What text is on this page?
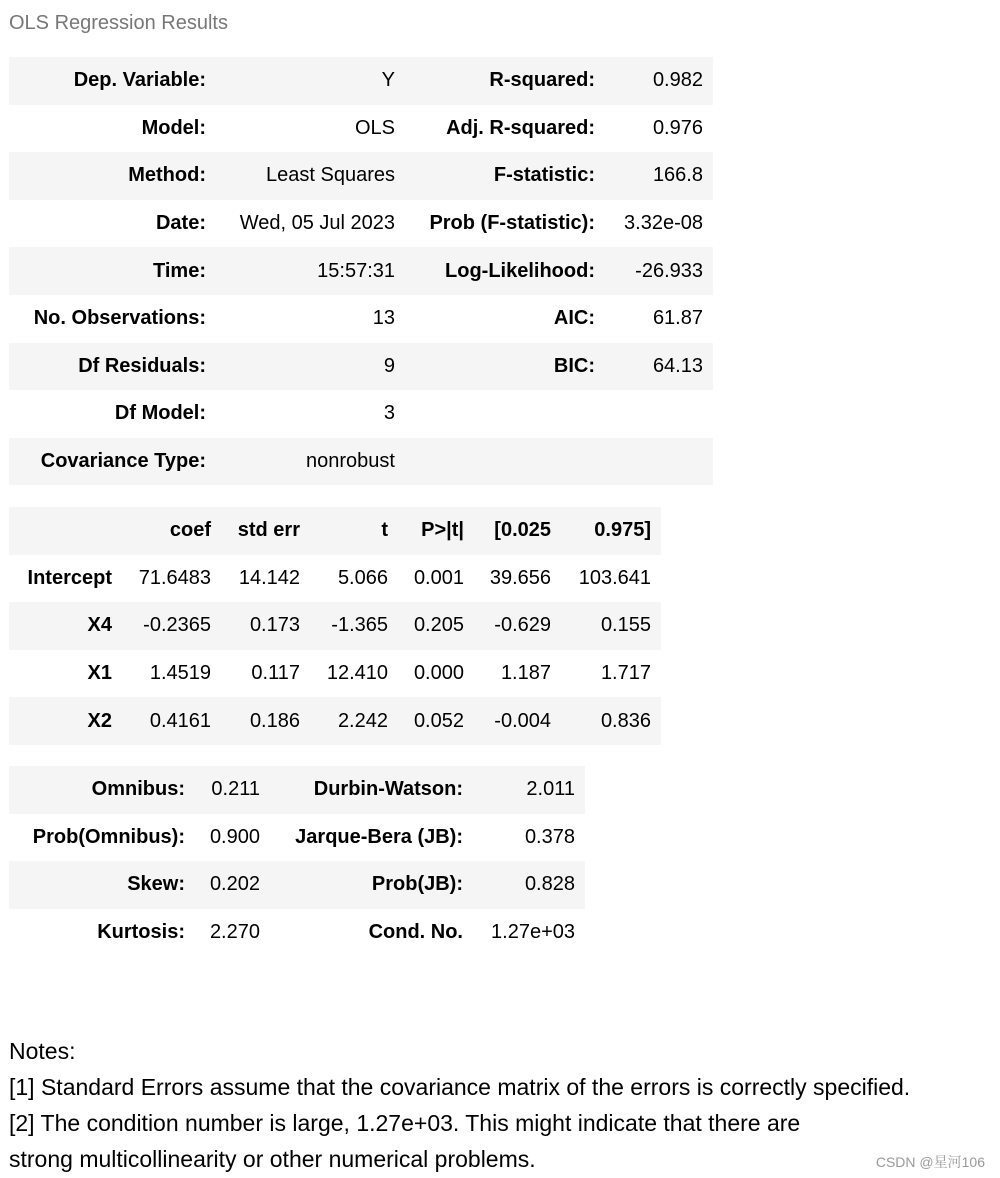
OLS Regression Results
Dep. Variable:	Y	R-squared:	0.982
Model:	OLS	Adj. R-squared:	0.976
Method:	Least Squares	F-statistic:	166.8
Date:	Wed, 05 Jul 2023	Prob (F-statistic):	3.32e-08
Time:	15:57:31	Log-Likelihood:	-26.933
No. Observations:	13	AIC:	61.87
Df Residuals:	9	BIC:	64.13
Df Model:	3		
Covariance Type:	nonrobust		
	coef	std err	t	P>|t|	[0.025	0.975]
Intercept	71.6483	14.142	5.066	0.001	39.656	103.641
X4	-0.2365	0.173	-1.365	0.205	-0.629	0.155
X1	1.4519	0.117	12.410	0.000	1.187	1.717
X2	0.4161	0.186	2.242	0.052	-0.004	0.836
Omnibus:	0.211	Durbin-Watson:	2.011
Prob(Omnibus):	0.900	Jarque-Bera (JB):	0.378
Skew:	0.202	Prob(JB):	0.828
Kurtosis:	2.270	Cond. No.	1.27e+03
Notes:
[1] Standard Errors assume that the covariance matrix of the errors is correctly specified.
[2] The condition number is large, 1.27e+03. This might indicate that there are
strong multicollinearity or other numerical problems.	CSDN @星河106
